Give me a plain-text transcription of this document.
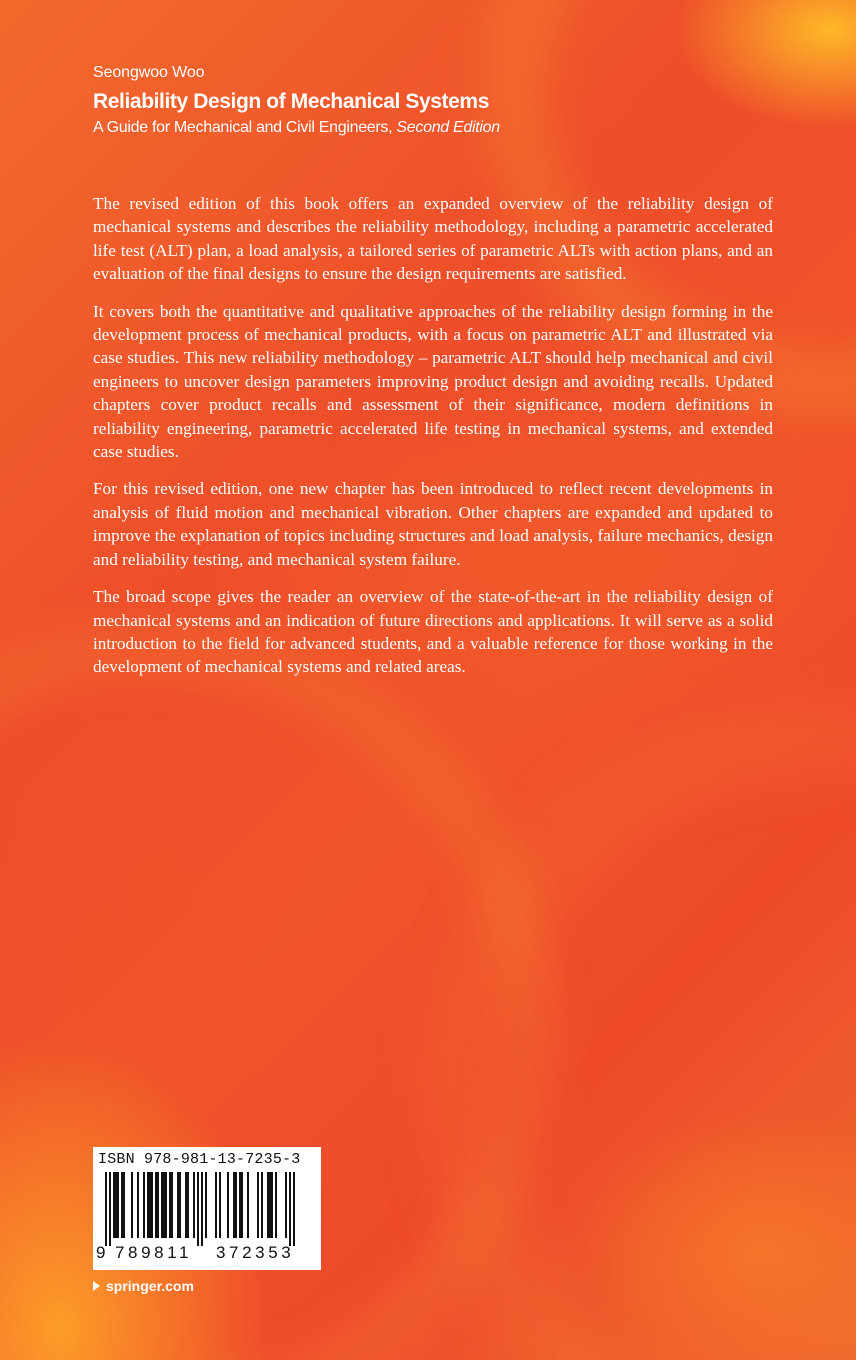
Seongwoo Woo
Reliability Design of Mechanical Systems
A Guide for Mechanical and Civil Engineers, Second Edition

The revised edition of this book offers an expanded overview of the reliability design of mechanical systems and describes the reliability methodology, including a parametric accelerated life test (ALT) plan, a load analysis, a tailored series of parametric ALTs with action plans, and an evaluation of the final designs to ensure the design requirements are satisfied.

It covers both the quantitative and qualitative approaches of the reliability design forming in the development process of mechanical products, with a focus on parametric ALT and illustrated via case studies. This new reliability methodology – parametric ALT should help mechanical and civil engineers to uncover design parameters improving product design and avoiding recalls. Updated chapters cover product recalls and assessment of their significance, modern definitions in reliability engineering, parametric accelerated life testing in mechanical systems, and extended case studies.

For this revised edition, one new chapter has been introduced to reflect recent developments in analysis of fluid motion and mechanical vibration. Other chapters are expanded and updated to improve the explanation of topics including structures and load analysis, failure mechanics, design and reliability testing, and mechanical system failure.

The broad scope gives the reader an overview of the state-of-the-art in the reliability design of mechanical systems and an indication of future directions and applications. It will serve as a solid introduction to the field for advanced students, and a valuable reference for those working in the development of mechanical systems and related areas.

ISBN 978-981-13-7235-3
9 789811 372353
springer.com
